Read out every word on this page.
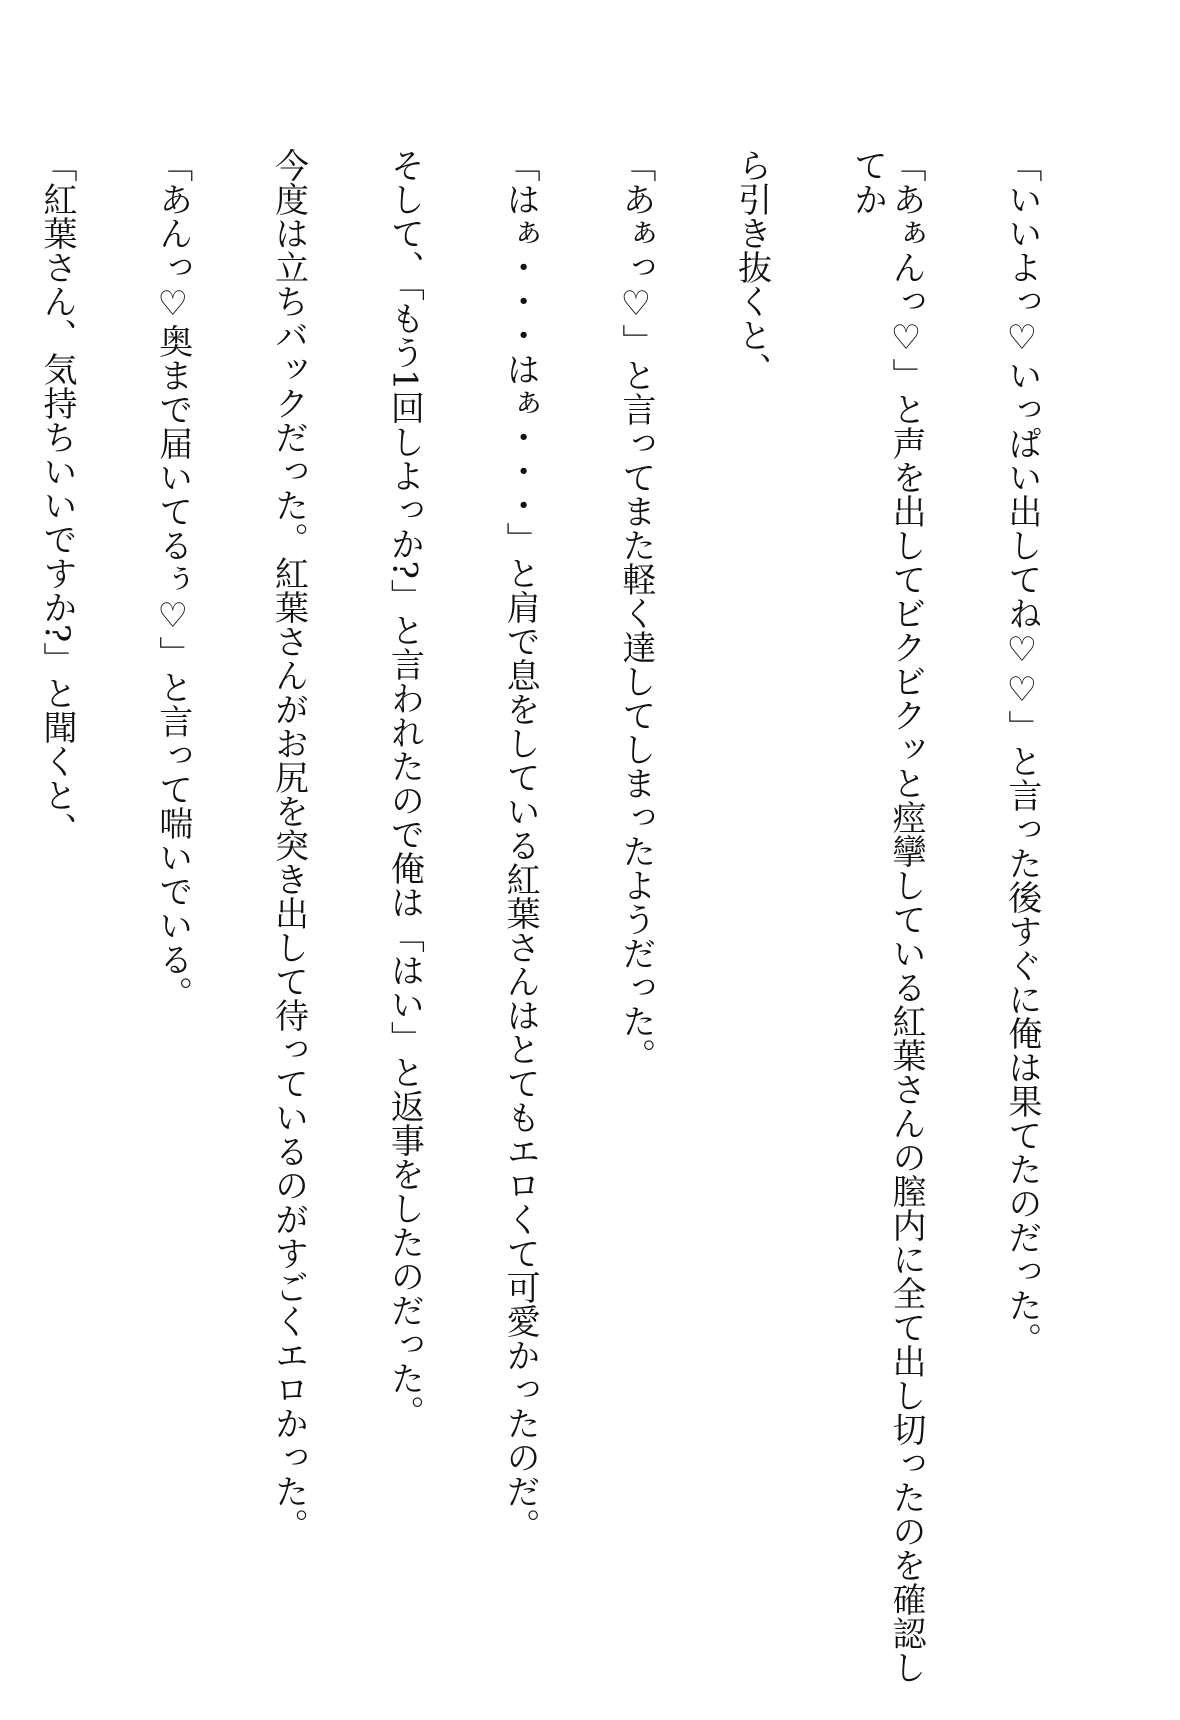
「いいよっ♡いっぱい出してね♡♡」と言った後すぐに俺は果てたのだった。

「あぁんっ♡」と声を出してビクビクッと痙攣している紅葉さんの膣内に全て出し切ったのを確認してか

ら引き抜くと、

「あぁっ♡」と言ってまた軽く達してしまったようだった。

「はぁ・・・はぁ・・・」と肩で息をしている紅葉さんはとてもエロくて可愛かったのだ。

そして、「もう1回しよっか?」と言われたので俺は「はい」と返事をしたのだった。

今度は立ちバックだった。紅葉さんがお尻を突き出して待っているのがすごくエロかった。

「あんっ♡奥まで届いてるぅ♡」と言って喘いでいる。

「紅葉さん、気持ちいいですか?」と聞くと、
